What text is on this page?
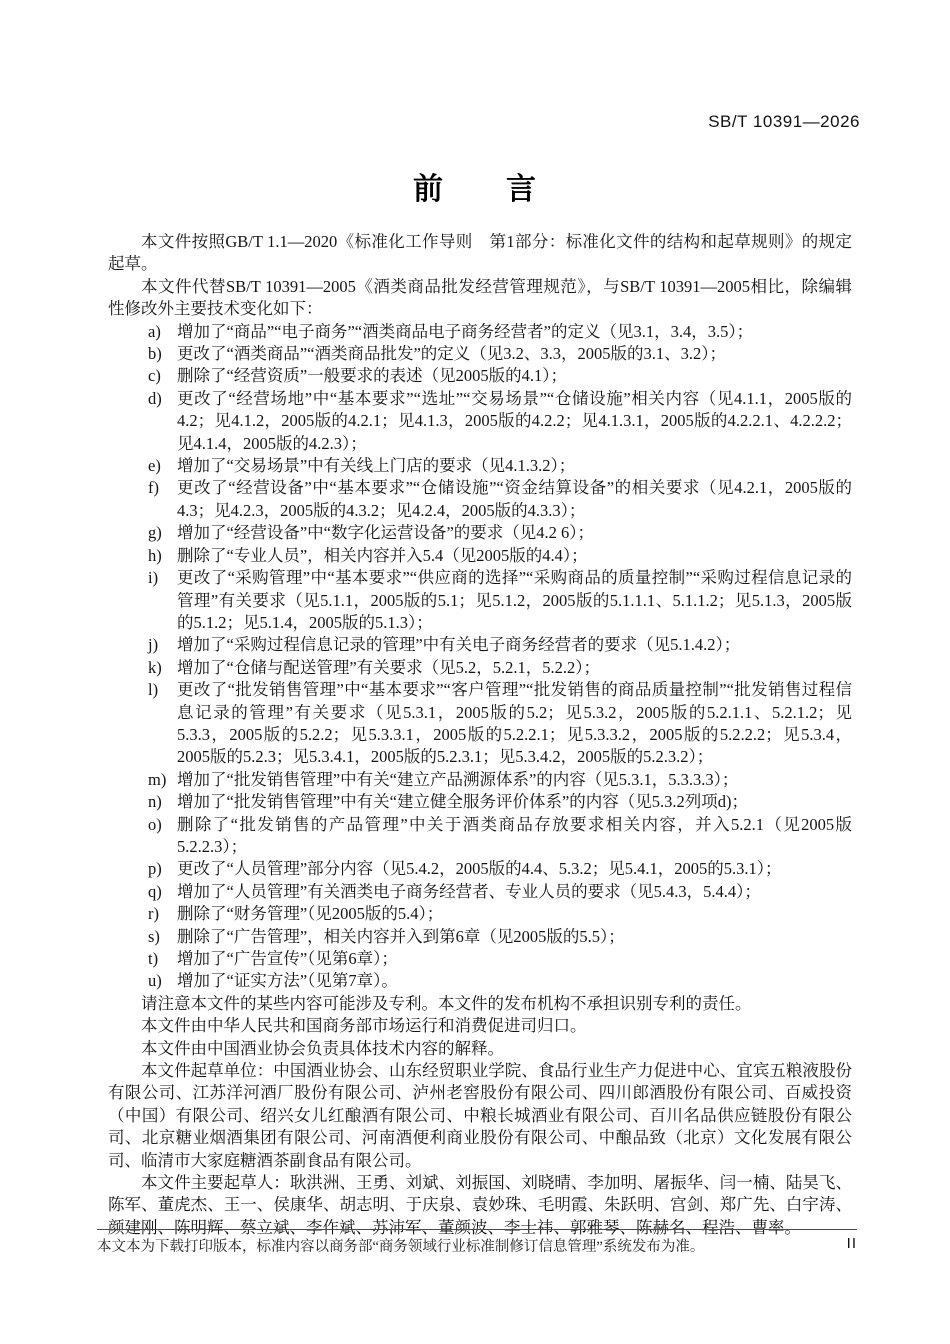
SB/T 10391—2026
前　　言

本文件按照GB/T 1.1—2020《标准化工作导则　第1部分：标准化文件的结构和起草规则》的规定起草。

本文件代替SB/T 10391—2005《酒类商品批发经营管理规范》，与SB/T 10391—2005相比，除编辑性修改外主要技术变化如下：

a) 增加了“商品”“电子商务”“酒类商品电子商务经营者”的定义（见3.1，3.4，3.5）；
b) 更改了“酒类商品”“酒类商品批发”的定义（见3.2、3.3，2005版的3.1、3.2）；
c) 删除了“经营资质”一般要求的表述（见2005版的4.1）；
d) 更改了“经营场地”中“基本要求”“选址”“交易场景”“仓储设施”相关内容（见4.1.1，2005版的4.2；见4.1.2，2005版的4.2.1；见4.1.3，2005版的4.2.2；见4.1.3.1，2005版的4.2.2.1、4.2.2.2；见4.1.4，2005版的4.2.3）；
e) 增加了“交易场景”中有关线上门店的要求（见4.1.3.2）；
f) 更改了“经营设备”中“基本要求”“仓储设施”“资金结算设备”的相关要求（见4.2.1，2005版的4.3；见4.2.3，2005版的4.3.2；见4.2.4，2005版的4.3.3）；
g) 增加了“经营设备”中“数字化运营设备”的要求（见4.2 6）；
h) 删除了“专业人员”，相关内容并入5.4（见2005版的4.4）；
i) 更改了“采购管理”中“基本要求”“供应商的选择”“采购商品的质量控制”“采购过程信息记录的管理”有关要求（见5.1.1，2005版的5.1；见5.1.2，2005版的5.1.1.1、5.1.1.2；见5.1.3，2005版的5.1.2；见5.1.4，2005版的5.1.3）；
j) 增加了“采购过程信息记录的管理”中有关电子商务经营者的要求（见5.1.4.2）；
k) 增加了“仓储与配送管理”有关要求（见5.2，5.2.1，5.2.2）；
l) 更改了“批发销售管理”中“基本要求”“客户管理”“批发销售的商品质量控制”“批发销售过程信息记录的管理”有关要求（见5.3.1，2005版的5.2；见5.3.2，2005版的5.2.1.1、5.2.1.2；见5.3.3，2005版的5.2.2；见5.3.3.1，2005版的5.2.2.1；见5.3.3.2，2005版的5.2.2.2；见5.3.4，2005版的5.2.3；见5.3.4.1，2005版的5.2.3.1；见5.3.4.2，2005版的5.2.3.2）；
m) 增加了“批发销售管理”中有关“建立产品溯源体系”的内容（见5.3.1，5.3.3.3）；
n) 增加了“批发销售管理”中有关“建立健全服务评价体系”的内容（见5.3.2列项d)；
o) 删除了“批发销售的产品管理”中关于酒类商品存放要求相关内容，并入5.2.1（见2005版5.2.2.3）；
p) 更改了“人员管理”部分内容（见5.4.2，2005版的4.4、5.3.2；见5.4.1，2005的5.3.1）；
q) 增加了“人员管理”有关酒类电子商务经营者、专业人员的要求（见5.4.3，5.4.4）；
r) 删除了“财务管理”（见2005版的5.4）；
s) 删除了“广告管理”，相关内容并入到第6章（见2005版的5.5）；
t) 增加了“广告宣传”（见第6章）；
u) 增加了“证实方法”（见第7章）。

请注意本文件的某些内容可能涉及专利。本文件的发布机构不承担识别专利的责任。

本文件由中华人民共和国商务部市场运行和消费促进司归口。

本文件由中国酒业协会负责具体技术内容的解释。

本文件起草单位：中国酒业协会、山东经贸职业学院、食品行业生产力促进中心、宜宾五粮液股份有限公司、江苏洋河酒厂股份有限公司、泸州老窖股份有限公司、四川郎酒股份有限公司、百威投资（中国）有限公司、绍兴女儿红酿酒有限公司、中粮长城酒业有限公司、百川名品供应链股份有限公司、北京糖业烟酒集团有限公司、河南酒便利商业股份有限公司、中酿品致（北京）文化发展有限公司、临清市大家庭糖酒茶副食品有限公司。

本文件主要起草人：耿洪洲、王勇、刘斌、刘振国、刘晓晴、李加明、屠振华、闫一楠、陆昊飞、陈军、董虎杰、王一、侯康华、胡志明、于庆泉、袁妙珠、毛明霞、朱跃明、宫剑、郑广先、白宇涛、颜建刚、陈明辉、蔡立斌、李作斌、苏沛军、董颜波、李士祎、郭雅琴、陈赫名、程浩、曹率。

本文本为下载打印版本，标准内容以商务部“商务领域行业标准制修订信息管理”系统发布为准。	II
